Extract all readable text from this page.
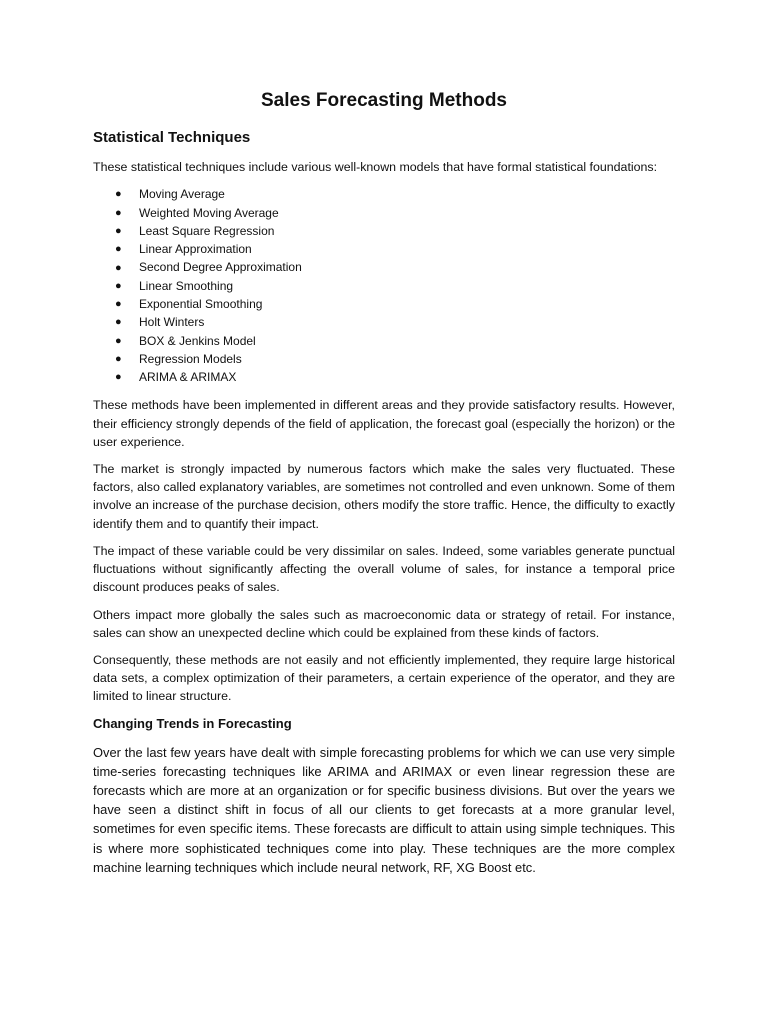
Sales Forecasting Methods
Statistical Techniques

These statistical techniques include various well-known models that have formal statistical foundations:

●	Moving Average
●	Weighted Moving Average
●	Least Square Regression
●	Linear Approximation
●	Second Degree Approximation
●	Linear Smoothing
●	Exponential Smoothing
●	Holt Winters
●	BOX & Jenkins Model
●	Regression Models
●	ARIMA & ARIMAX

These methods have been implemented in different areas and they provide satisfactory results. However, their efficiency strongly depends of the field of application, the forecast goal (especially the horizon) or the user experience.

The market is strongly impacted by numerous factors which make the sales very fluctuated. These factors, also called explanatory variables, are sometimes not controlled and even unknown. Some of them involve an increase of the purchase decision, others modify the store traffic. Hence, the difficulty to exactly identify them and to quantify their impact.

The impact of these variable could be very dissimilar on sales. Indeed, some variables generate punctual fluctuations without significantly affecting the overall volume of sales, for instance a temporal price discount produces peaks of sales.

Others impact more globally the sales such as macroeconomic data or strategy of retail. For instance, sales can show an unexpected decline which could be explained from these kinds of factors.

Consequently, these methods are not easily and not efficiently implemented, they require large historical data sets, a complex optimization of their parameters, a certain experience of the operator, and they are limited to linear structure.

Changing Trends in Forecasting

Over the last few years have dealt with simple forecasting problems for which we can use very simple time-series forecasting techniques like ARIMA and ARIMAX or even linear regression these are forecasts which are more at an organization or for specific business divisions. But over the years we have seen a distinct shift in focus of all our clients to get forecasts at a more granular level, sometimes for even specific items. These forecasts are difficult to attain using simple techniques. This is where more sophisticated techniques come into play. These techniques are the more complex machine learning techniques which include neural network, RF, XG Boost etc.
